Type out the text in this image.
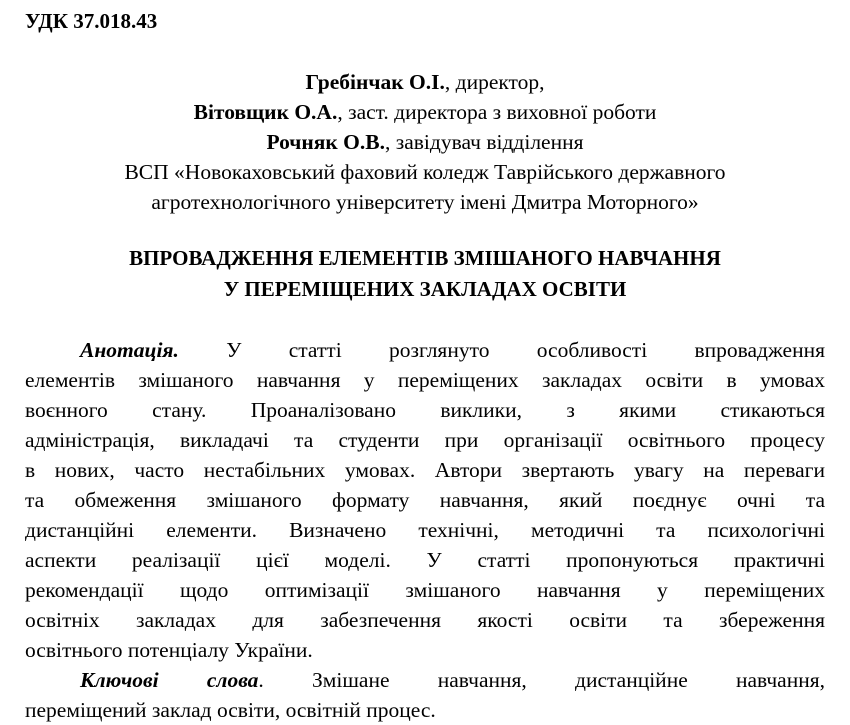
УДК 37.018.43
Гребінчак О.І., директор,
Вітовщик О.А., заст. директора з виховної роботи
Рочняк О.В., завідувач відділення
ВСП «Новокаховський фаховий коледж Таврійського державного
агротехнологічного університету імені Дмитра Моторного»
ВПРОВАДЖЕННЯ ЕЛЕМЕНТІВ ЗМІШАНОГО НАВЧАННЯ
У ПЕРЕМІЩЕНИХ ЗАКЛАДАХ ОСВІТИ
Анотація. У статті розглянуто особливості впровадження
елементів змішаного навчання у переміщених закладах освіти в умовах
воєнного стану. Проаналізовано виклики, з якими стикаються
адміністрація, викладачі та студенти при організації освітнього процесу
в нових, часто нестабільних умовах. Автори звертають увагу на переваги
та обмеження змішаного формату навчання, який поєднує очні та
дистанційні елементи. Визначено технічні, методичні та психологічні
аспекти реалізації цієї моделі. У статті пропонуються практичні
рекомендації щодо оптимізації змішаного навчання у переміщених
освітніх закладах для забезпечення якості освіти та збереження
освітнього потенціалу України.
Ключові слова. Змішане навчання, дистанційне навчання,
переміщений заклад освіти, освітній процес.
